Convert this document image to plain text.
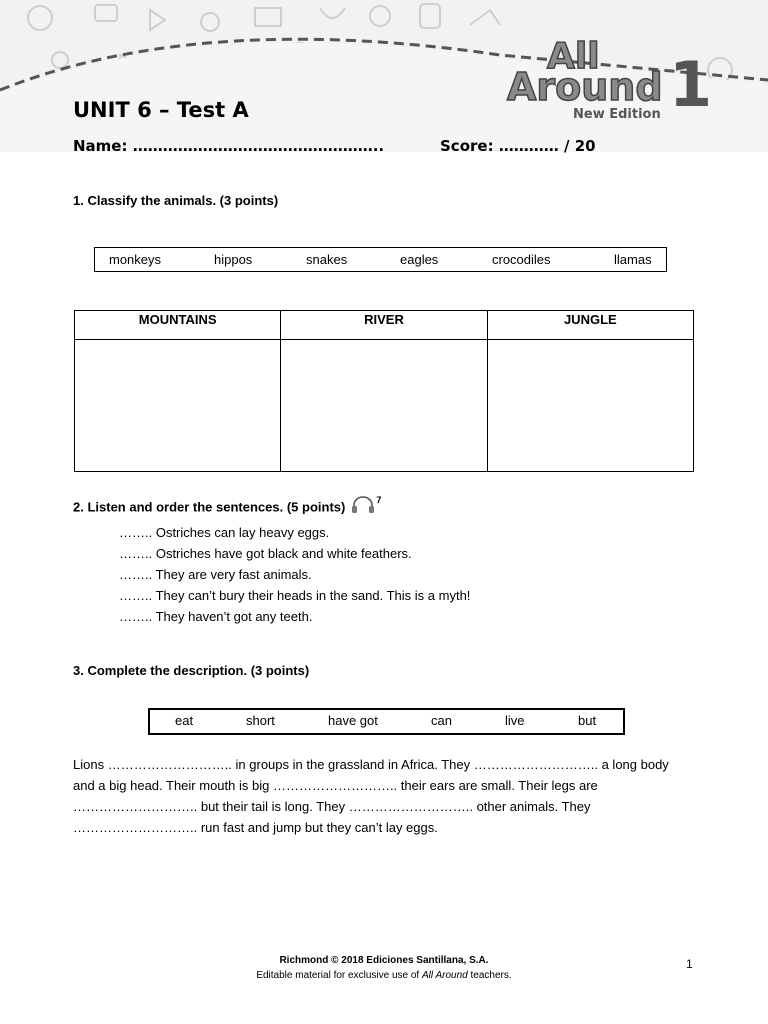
All
Around 1
New Edition
UNIT 6 – Test A
Name: …………………………………………..	Score: ………… / 20
1. Classify the animals. (3 points)
monkeys	hippos	snakes	eagles	crocodiles	llamas
MOUNTAINS	RIVER	JUNGLE

2. Listen and order the sentences. (5 points)	$^7$
…….. Ostriches can lay heavy eggs.
…….. Ostriches have got black and white feathers.
…….. They are very fast animals.
…….. They can’t bury their heads in the sand. This is a myth!
…….. They haven’t got any teeth.
3. Complete the description. (3 points)
eat	short	have got	can	live	but
Lions ……………………….. in groups in the grassland in Africa. They ……………………….. a long body
and a big head. Their mouth is big ……………………….. their ears are small. Their legs are
……………………….. but their tail is long. They ……………………….. other animals. They
……………………….. run fast and jump but they can’t lay eggs.
Richmond © 2018 Ediciones Santillana, S.A.
Editable material for exclusive use of All Around teachers.
1
